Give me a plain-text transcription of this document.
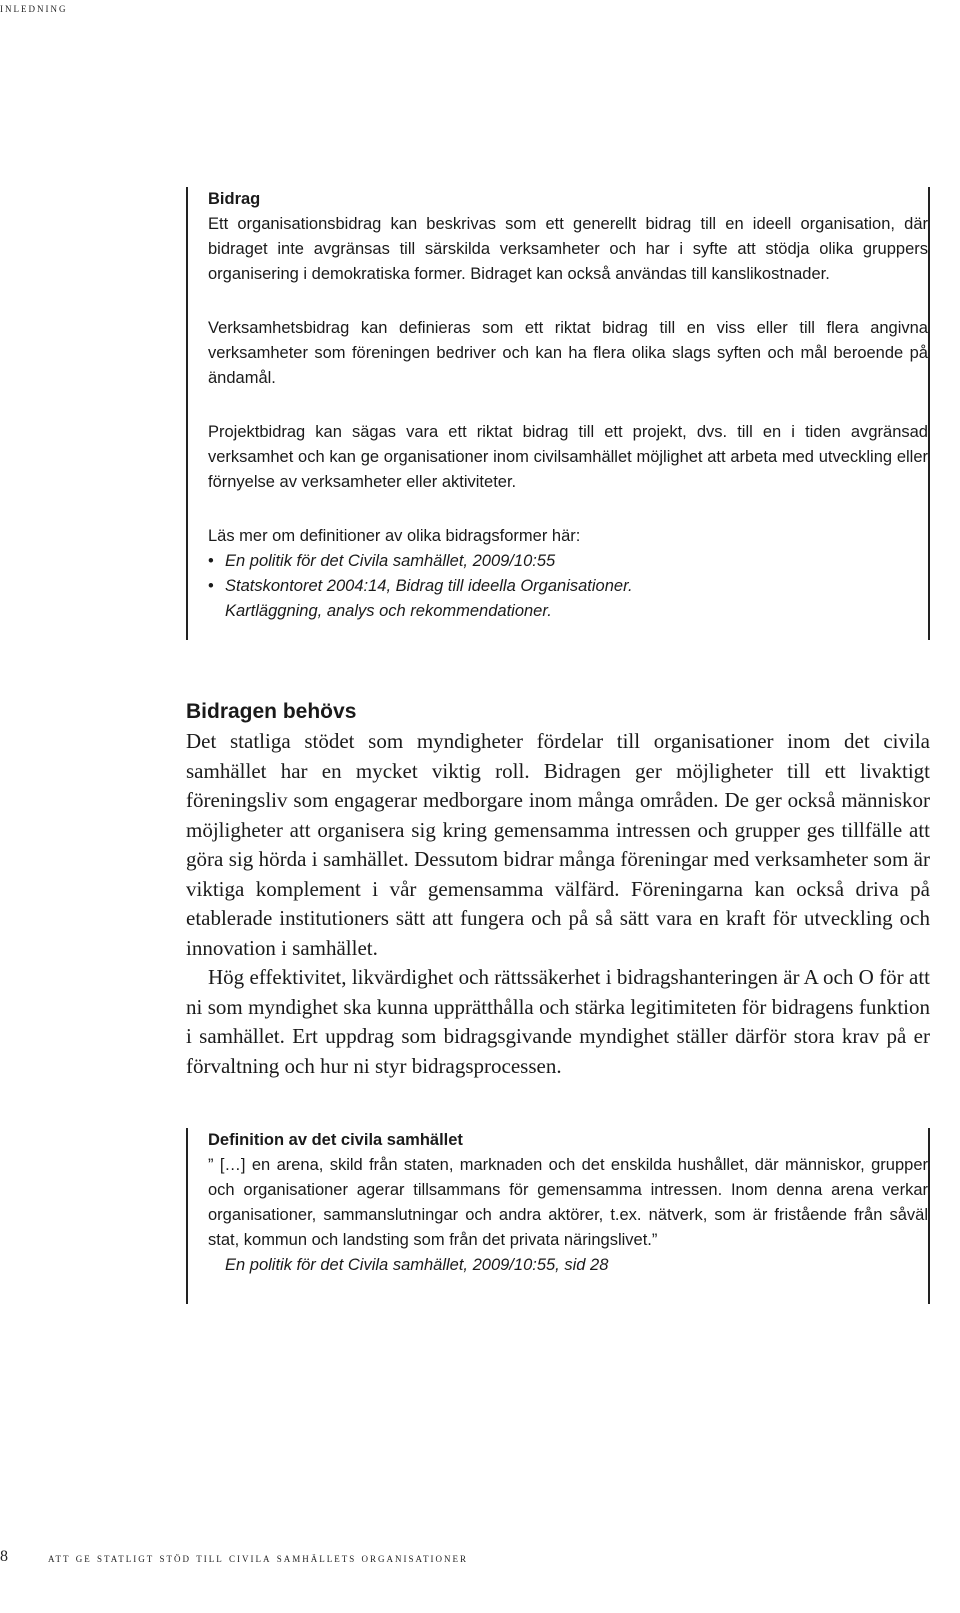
inledning
Bidrag

Ett organisationsbidrag kan beskrivas som ett generellt bidrag till en ideell organisation, där bidraget inte avgränsas till särskilda verksamheter och har i syfte att stödja olika gruppers organisering i demokratiska former. Bidraget kan också användas till kanslikostnader.

Verksamhetsbidrag kan definieras som ett riktat bidrag till en viss eller till flera angivna verksamheter som föreningen bedriver och kan ha flera olika slags syften och mål beroende på ändamål.

Projektbidrag kan sägas vara ett riktat bidrag till ett projekt, dvs. till en i tiden avgränsad verksamhet och kan ge organisationer inom civilsamhället möjlighet att arbeta med utveckling eller förnyelse av verksamheter eller aktiviteter.

Läs mer om definitioner av olika bidragsformer här:

• En politik för det Civila samhället, 2009/10:55
• Statskontoret 2004:14, Bidrag till ideella Organisationer.
Kartläggning, analys och rekommendationer.
Bidragen behövs

Det statliga stödet som myndigheter fördelar till organisationer inom det civila samhället har en mycket viktig roll. Bidragen ger möjligheter till ett livaktigt föreningsliv som engagerar medborgare inom många områden. De ger också människor möjligheter att organisera sig kring gemensamma intressen och grupper ges tillfälle att göra sig hörda i samhället. Dessutom bidrar många föreningar med verksamheter som är viktiga komplement i vår gemensamma välfärd. Föreningarna kan också driva på etablerade institutioners sätt att fungera och på så sätt vara en kraft för utveckling och innovation i samhället.

Hög effektivitet, likvärdighet och rättssäkerhet i bidragshanteringen är A och O för att ni som myndighet ska kunna upprätthålla och stärka legitimiteten för bidragens funktion i samhället. Ert uppdrag som bidragsgivande myndighet ställer därför stora krav på er förvaltning och hur ni styr bidragsprocessen.

Definition av det civila samhället

” […] en arena, skild från staten, marknaden och det enskilda hushållet, där människor, grupper och organisationer agerar tillsammans för gemensamma intressen. Inom denna arena verkar organisationer, sammanslutningar och andra aktörer, t.ex. nätverk, som är fristående från såväl stat, kommun och landsting som från det privata näringslivet.”

En politik för det Civila samhället, 2009/10:55, sid 28

8	att ge statligt stöd till civila samhällets organisationer
